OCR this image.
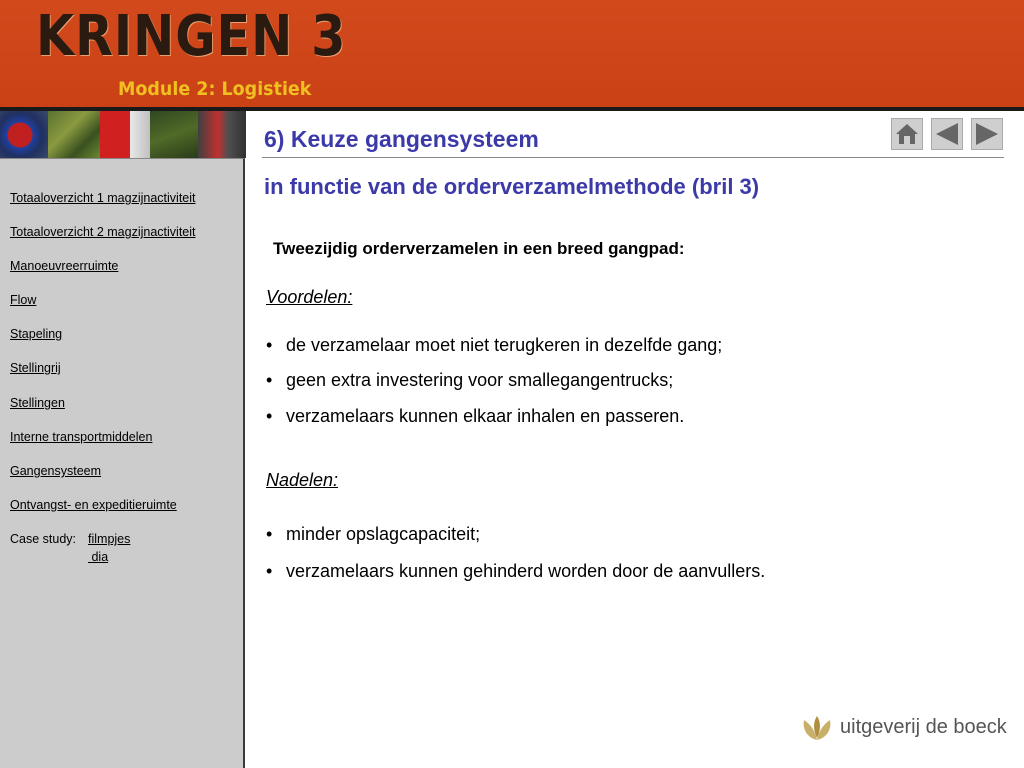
KRINGEN 3
Module 2: Logistiek
Totaaloverzicht 1 magzijnactiviteit
Totaaloverzicht 2 magzijnactiviteit
Manoeuvreerruimte
Flow
Stapeling
Stellingrij
Stellingen
Interne transportmiddelen
Gangensysteem
Ontvangst- en expeditieruimte
Case study: filmpjes
dia
6) Keuze gangensysteem
in functie van de orderverzamelmethode (bril 3)
Tweezijdig orderverzamelen in een breed gangpad:
Voordelen:
• de verzamelaar moet niet terugkeren in dezelfde gang;
• geen extra investering voor smallegangentrucks;
• verzamelaars kunnen elkaar inhalen en passeren.
Nadelen:
• minder opslagcapaciteit;
• verzamelaars kunnen gehinderd worden door de aanvullers.
uitgeverij de boeck
